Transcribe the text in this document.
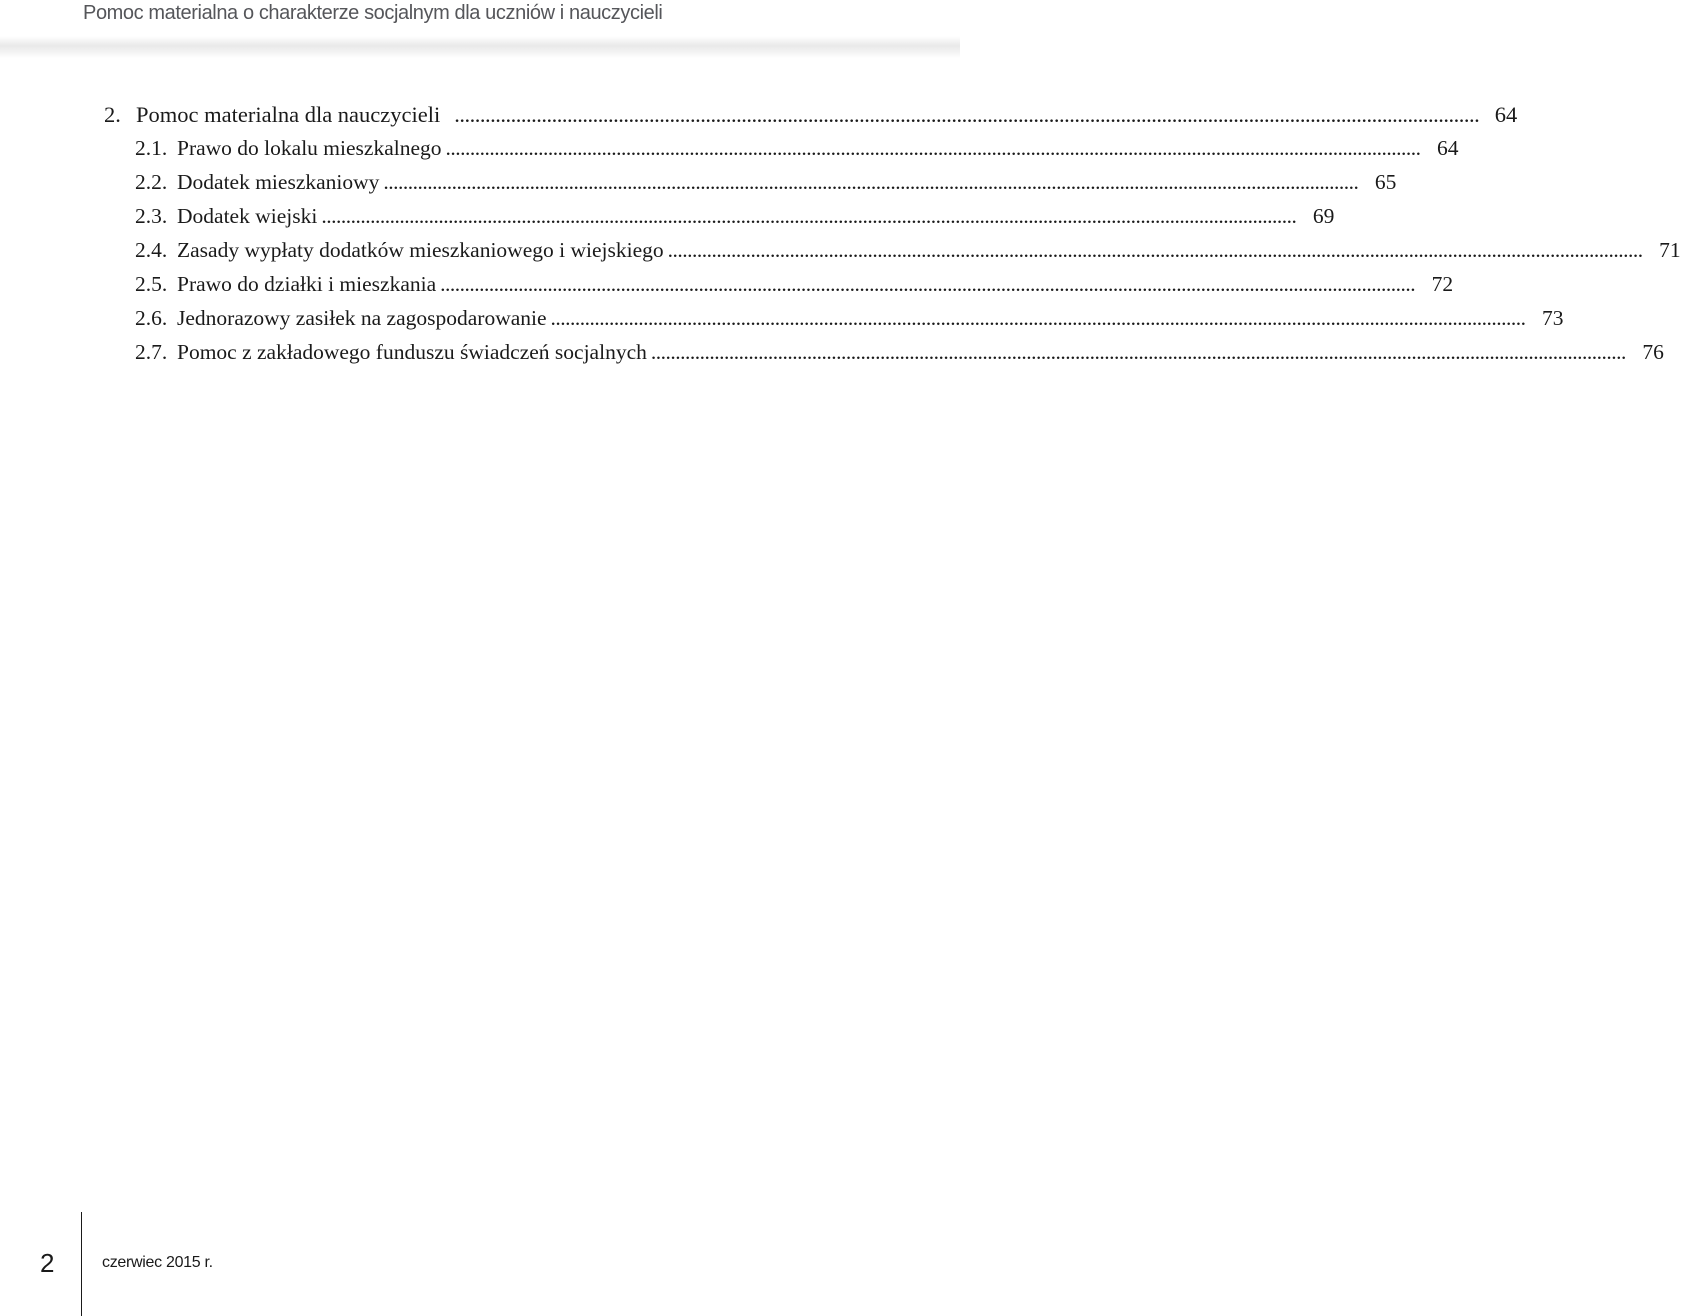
Pomoc materialna o charakterze socjalnym dla uczniów i nauczycieli
2. Pomoc materialna dla nauczycieli ........................................................................................................................................................................................................ 64
2.1. Prawo do lokalu mieszkalnego ........................................................................................................................................................................................................ 64
2.2. Dodatek mieszkaniowy ........................................................................................................................................................................................................ 65
2.3. Dodatek wiejski ........................................................................................................................................................................................................ 69
2.4. Zasady wypłaty dodatków mieszkaniowego i wiejskiego ........................................................................................................................................................................................................ 71
2.5. Prawo do działki i mieszkania ........................................................................................................................................................................................................ 72
2.6. Jednorazowy zasiłek na zagospodarowanie ........................................................................................................................................................................................................ 73
2.7. Pomoc z zakładowego funduszu świadczeń socjalnych ........................................................................................................................................................................................................ 76
2	czerwiec 2015 r.
